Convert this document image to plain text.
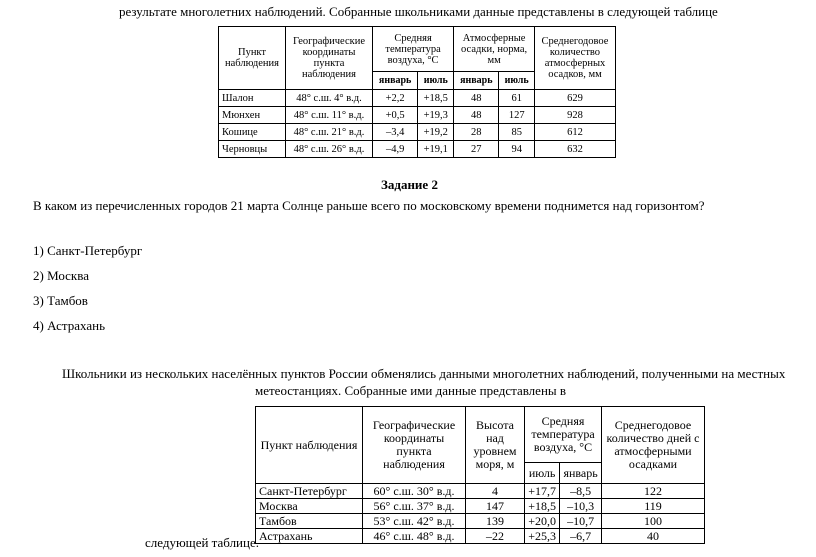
результате многолетних наблюдений. Собранные школьниками данные представлены в следующей таблице
Пункт наблюдения	Географические координаты пункта наблюдения	Средняя температура воздуха, °С		Атмосферные осадки, норма, мм		Среднегодовое количество атмосферных осадков, мм
		январь	июль	январь	июль	
Шалон	48° с.ш. 4° в.д.	+2,2	+18,5	48	61	629
Мюнхен	48° с.ш. 11° в.д.	+0,5	+19,3	48	127	928
Кошице	48° с.ш. 21° в.д.	–3,4	+19,2	28	85	612
Черновцы	48° с.ш. 26° в.д.	–4,9	+19,1	27	94	632
Задание 2
В каком из перечисленных городов 21 марта Солнце раньше всего по московскому времени поднимется над горизонтом?
1) Санкт-Петербург
2) Москва
3) Тамбов
4) Астрахань
Школьники из нескольких населённых пунктов России обменялись данными многолетних наблюдений, полученными на местных
метеостанциях. Собранные ими данные представлены в
следующей таблице.
Пункт наблюдения	Географические координаты пункта наблюдения	Высота над уровнем моря, м	Средняя температура воздуха, °С		Среднегодовое количество дней с атмосферными осадками
			июль	январь	
Санкт-Петербург	60° с.ш. 30° в.д.	4	+17,7	–8,5	122
Москва	56° с.ш. 37° в.д.	147	+18,5	–10,3	119
Тамбов	53° с.ш. 42° в.д.	139	+20,0	–10,7	100
Астрахань	46° с.ш. 48° в.д.	–22	+25,3	–6,7	40
